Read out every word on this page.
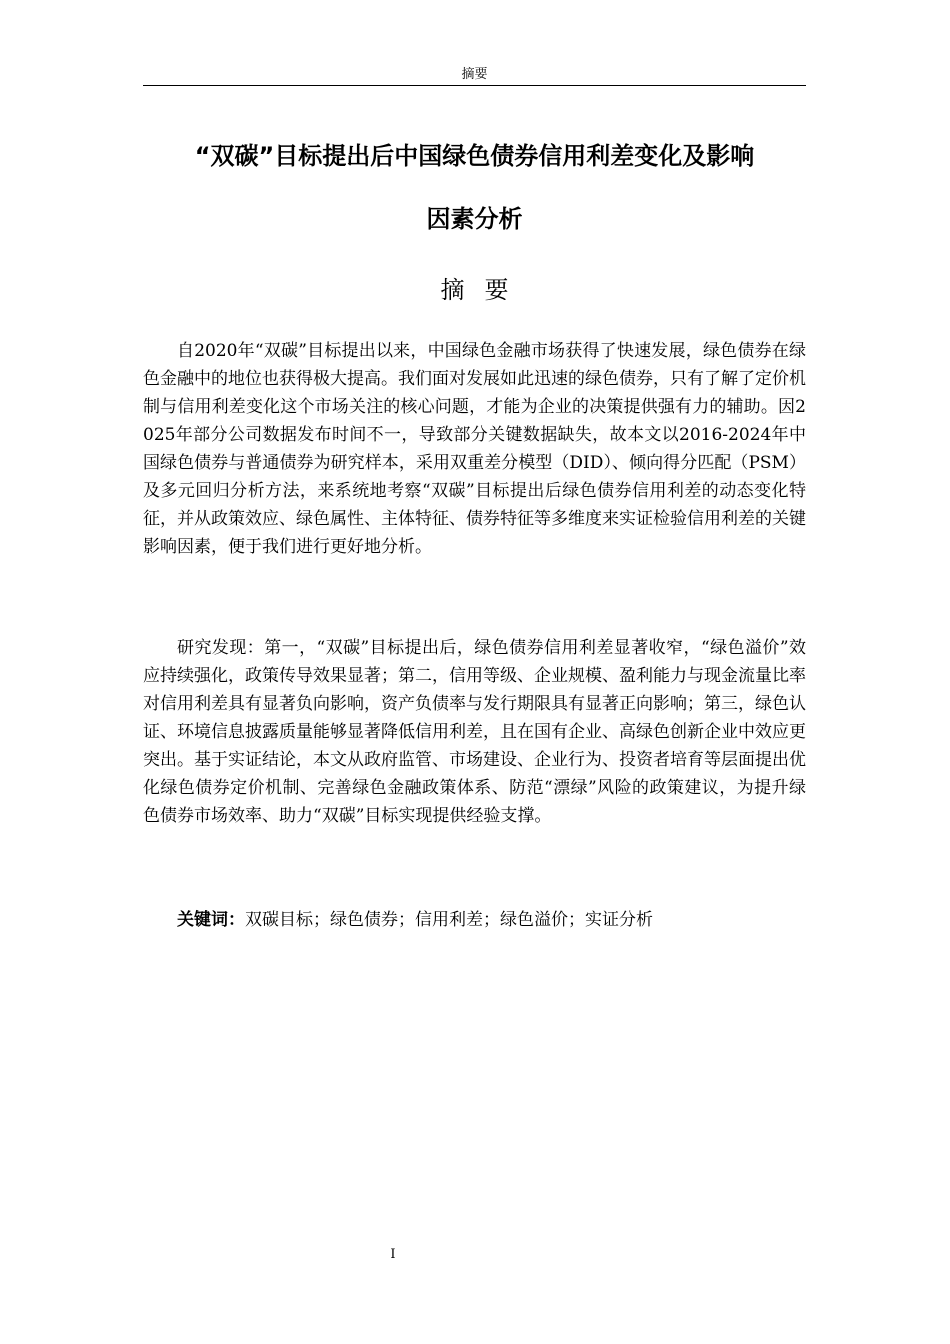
摘要
“双碳”目标提出后中国绿色债券信用利差变化及影响
因素分析
摘要

自2020年“双碳”目标提出以来，中国绿色金融市场获得了快速发展，绿色债券在绿色金融中的地位也获得极大提高。我们面对发展如此迅速的绿色债券，只有了解了定价机制与信用利差变化这个市场关注的核心问题，才能为企业的决策提供强有力的辅助。因2025年部分公司数据发布时间不一，导致部分关键数据缺失，故本文以2016-2024年中国绿色债券与普通债券为研究样本，采用双重差分模型（DID）、倾向得分匹配（PSM）及多元回归分析方法，来系统地考察“双碳”目标提出后绿色债券信用利差的动态变化特征，并从政策效应、绿色属性、主体特征、债券特征等多维度来实证检验信用利差的关键影响因素，便于我们进行更好地分析。

研究发现：第一，“双碳”目标提出后，绿色债券信用利差显著收窄，“绿色溢价”效应持续强化，政策传导效果显著；第二，信用等级、企业规模、盈利能力与现金流量比率对信用利差具有显著负向影响，资产负债率与发行期限具有显著正向影响；第三，绿色认证、环境信息披露质量能够显著降低信用利差，且在国有企业、高绿色创新企业中效应更突出。基于实证结论，本文从政府监管、市场建设、企业行为、投资者培育等层面提出优化绿色债券定价机制、完善绿色金融政策体系、防范“漂绿”风险的政策建议，为提升绿色债券市场效率、助力“双碳”目标实现提供经验支撑。

关键词：双碳目标；绿色债券；信用利差；绿色溢价；实证分析
I
